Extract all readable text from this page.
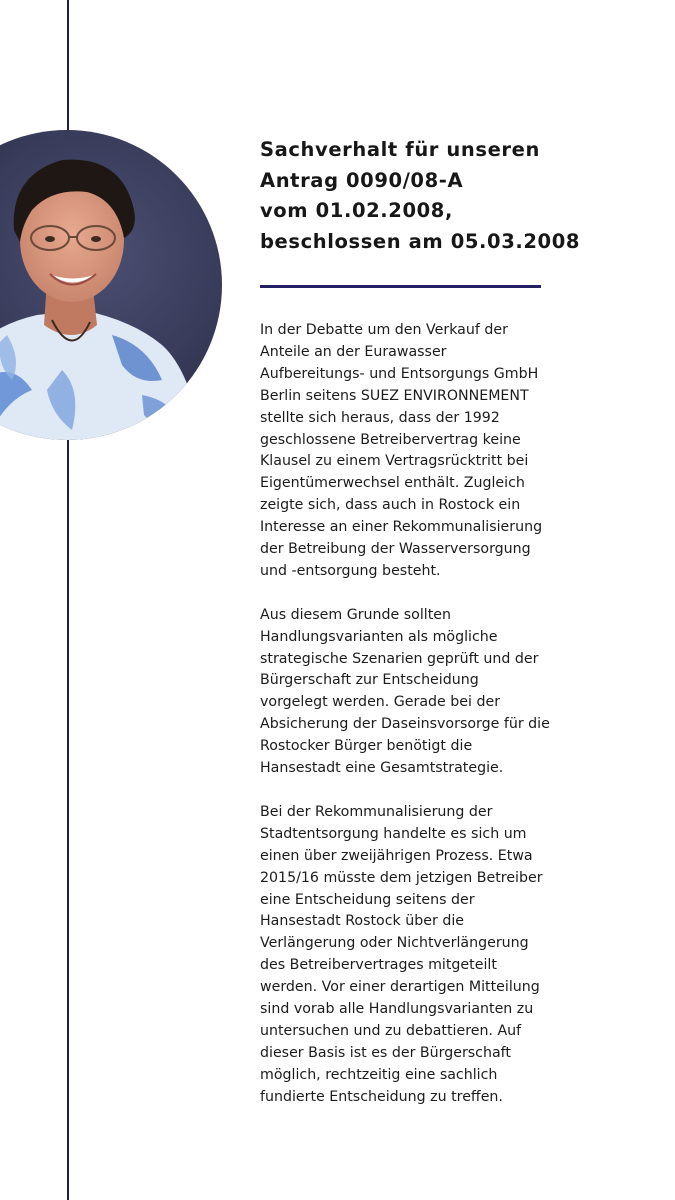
Sachverhalt für unseren
Antrag 0090/08-A
vom 01.02.2008,
beschlossen am 05.03.2008

In der Debatte um den Verkauf der
Anteile an der Eurawasser
Aufbereitungs- und Entsorgungs GmbH
Berlin seitens SUEZ ENVIRONNEMENT
stellte sich heraus, dass der 1992
geschlossene Betreibervertrag keine
Klausel zu einem Vertragsrücktritt bei
Eigentümerwechsel enthält. Zugleich
zeigte sich, dass auch in Rostock ein
Interesse an einer Rekommunalisierung
der Betreibung der Wasserversorgung
und -entsorgung besteht.

Aus diesem Grunde sollten
Handlungsvarianten als mögliche
strategische Szenarien geprüft und der
Bürgerschaft zur Entscheidung
vorgelegt werden. Gerade bei der
Absicherung der Daseinsvorsorge für die
Rostocker Bürger benötigt die
Hansestadt eine Gesamtstrategie.

Bei der Rekommunalisierung der
Stadtentsorgung handelte es sich um
einen über zweijährigen Prozess. Etwa
2015/16 müsste dem jetzigen Betreiber
eine Entscheidung seitens der
Hansestadt Rostock über die
Verlängerung oder Nichtverlängerung
des Betreibervertrages mitgeteilt
werden. Vor einer derartigen Mitteilung
sind vorab alle Handlungsvarianten zu
untersuchen und zu debattieren. Auf
dieser Basis ist es der Bürgerschaft
möglich, rechtzeitig eine sachlich
fundierte Entscheidung zu treffen.
